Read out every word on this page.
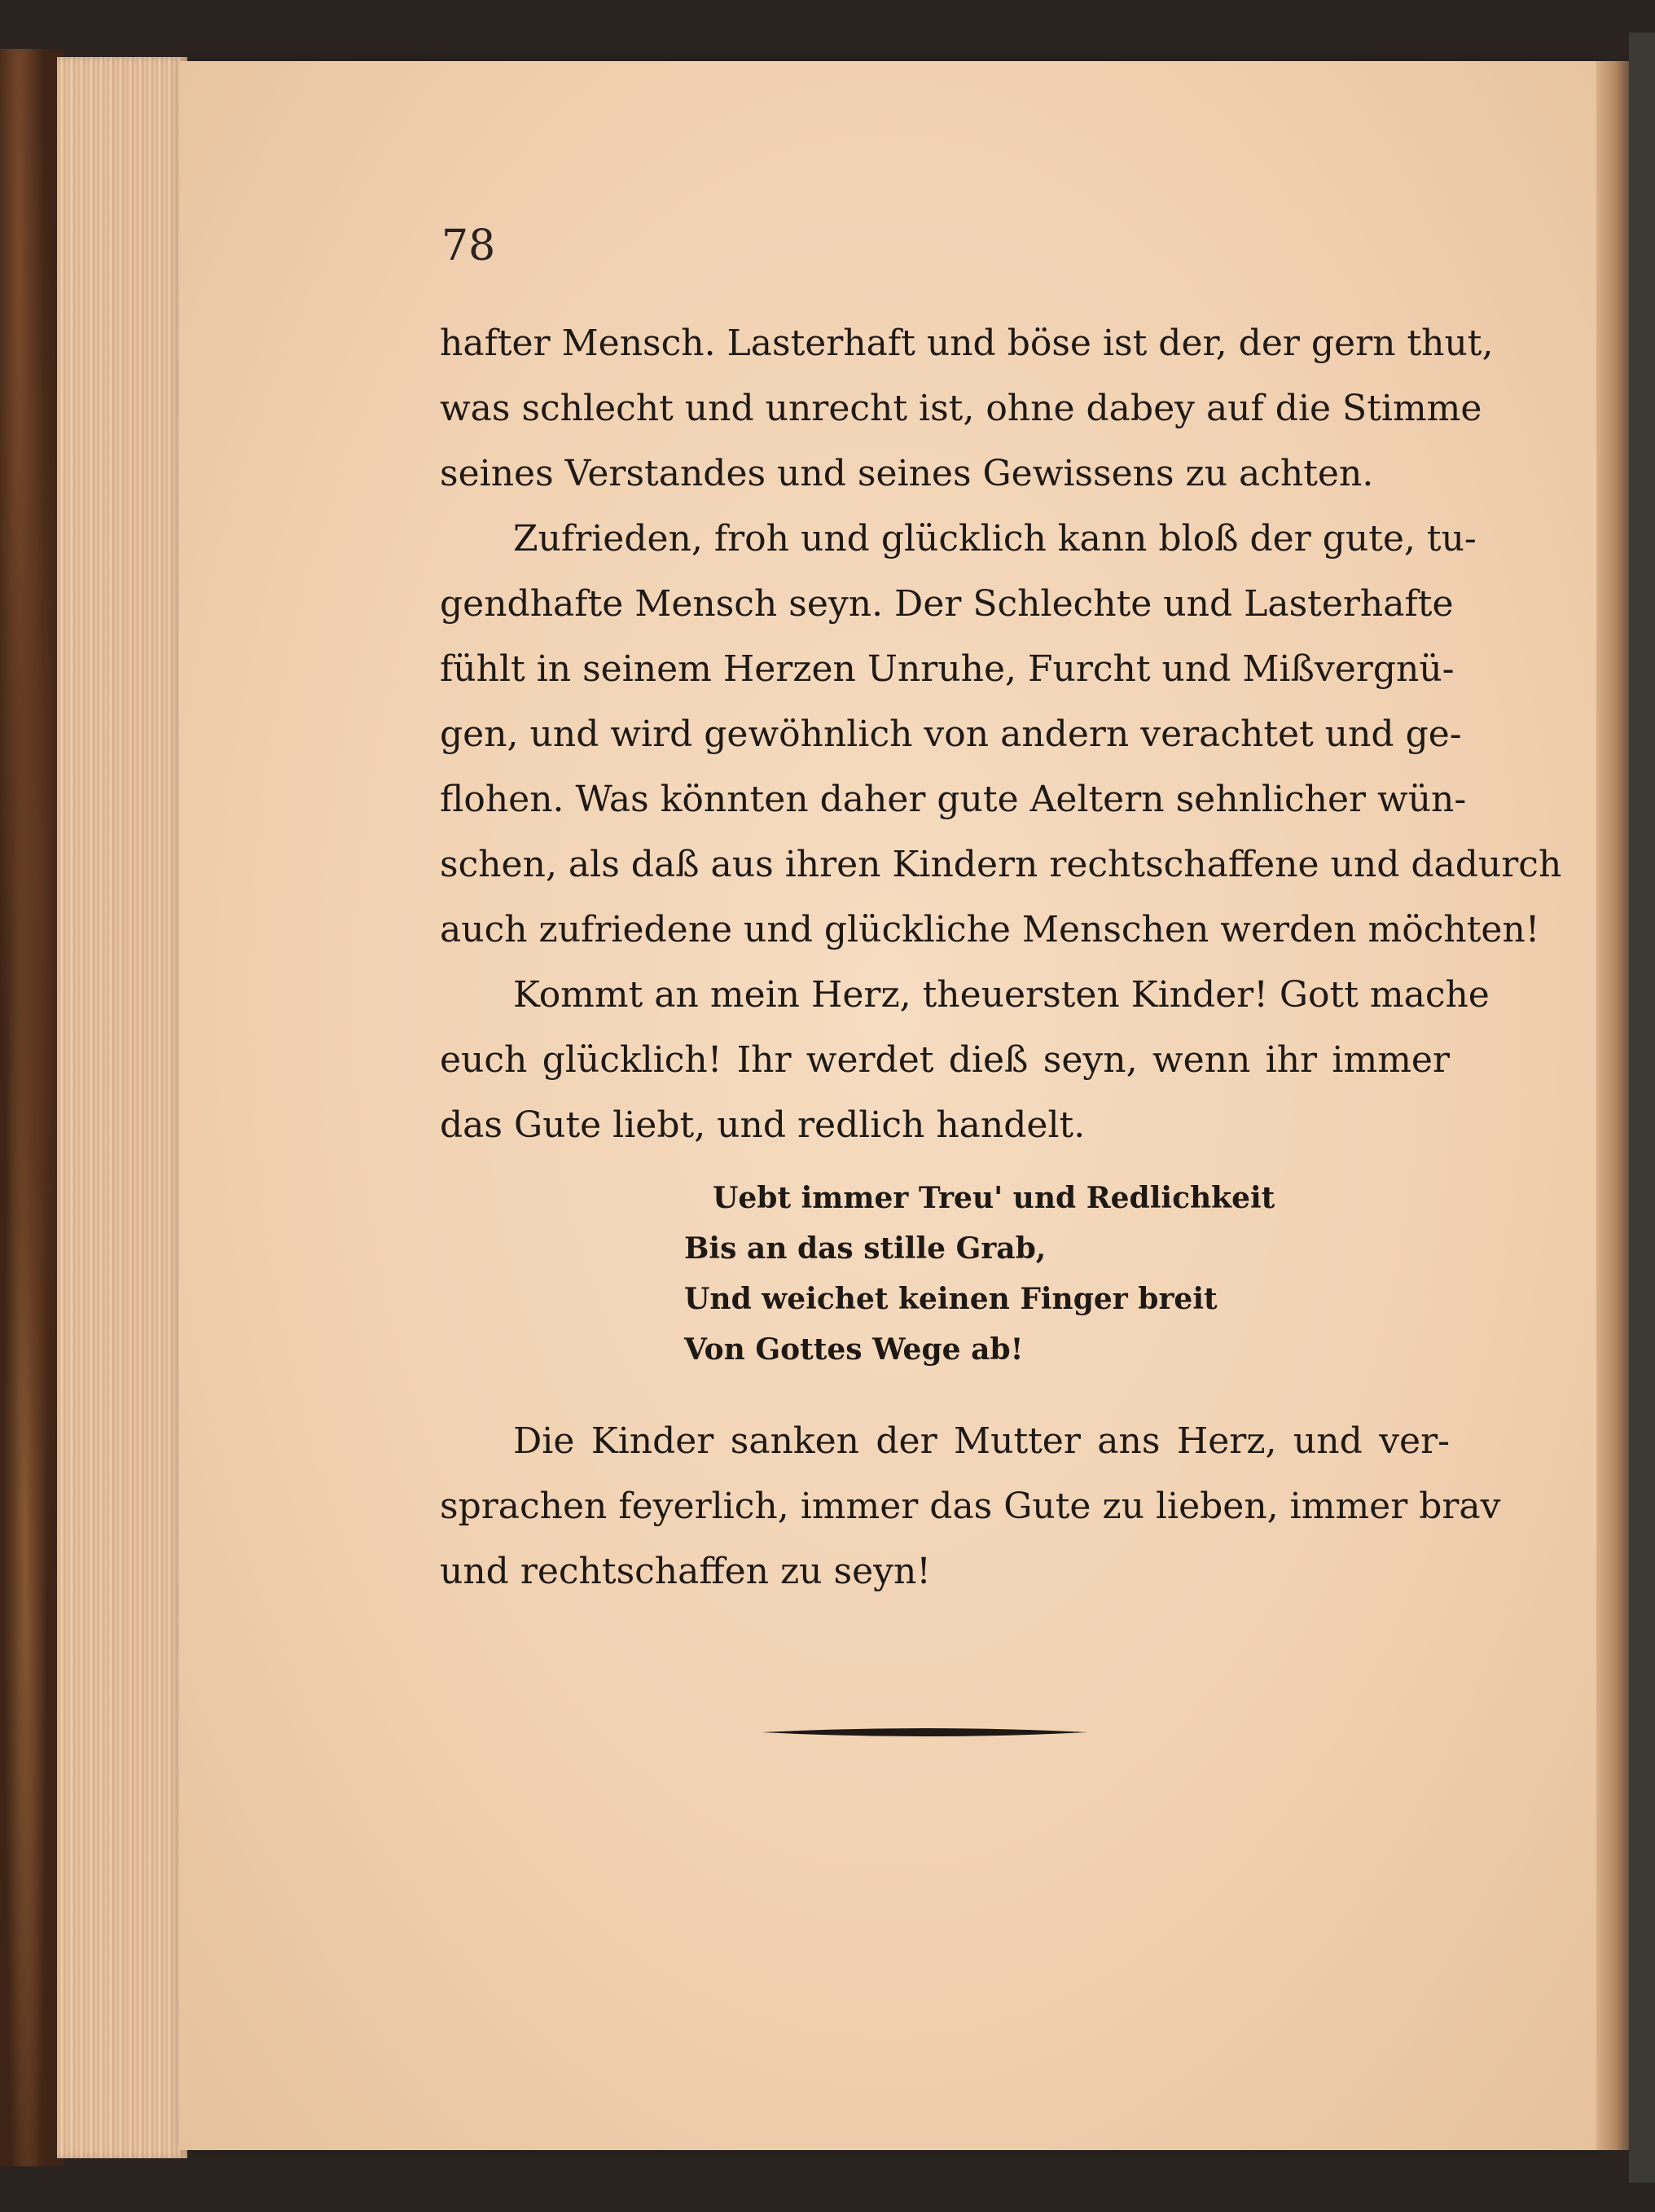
78
hafter Mensch. Lasterhaft und böse ist der, der gern thut,
was schlecht und unrecht ist, ohne dabey auf die Stimme
seines Verstandes und seines Gewissens zu achten.
Zufrieden, froh und glücklich kann bloß der gute, tu-
gendhafte Mensch seyn. Der Schlechte und Lasterhafte
fühlt in seinem Herzen Unruhe, Furcht und Mißvergnü-
gen, und wird gewöhnlich von andern verachtet und ge-
flohen. Was könnten daher gute Aeltern sehnlicher wün-
schen, als daß aus ihren Kindern rechtschaffene und dadurch
auch zufriedene und glückliche Menschen werden möchten!
Kommt an mein Herz, theuersten Kinder! Gott mache
euch glücklich! Ihr werdet dieß seyn, wenn ihr immer
das Gute liebt, und redlich handelt.
Uebt immer Treu' und Redlichkeit
Bis an das stille Grab,
Und weichet keinen Finger breit
Von Gottes Wege ab!
Die Kinder sanken der Mutter ans Herz, und ver-
sprachen feyerlich, immer das Gute zu lieben, immer brav
und rechtschaffen zu seyn!
